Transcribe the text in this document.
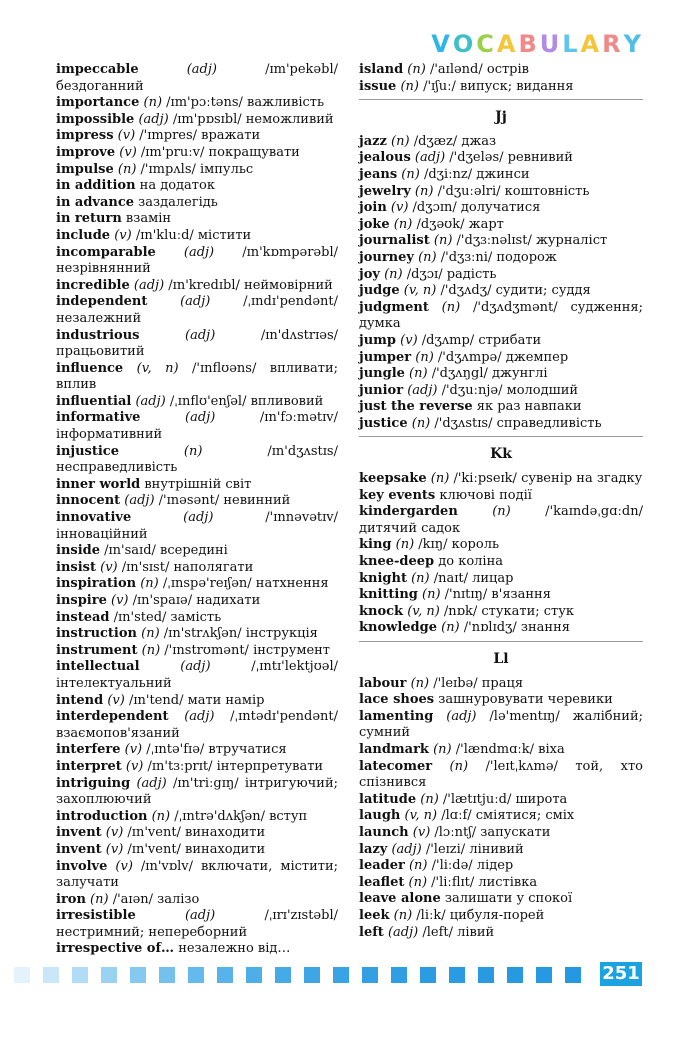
V O C A B U L A R Y

impeccable (adj) /ɪm'pekəbl/ бездоганний

importance (n) /ɪm'pɔːtəns/ важливість

impossible (adj) /ɪm'pɒsɪbl/ неможливий

impress (v) /'ɪmpres/ вражати

improve (v) /ɪm'pruːv/ покращувати

impulse (n) /'ɪmpʌls/ імпульс

in addition на додаток

in advance заздалегідь

in return взамін

include (v) /ɪn'kluːd/ містити

incomparable (adj) /ɪn'kɒmpərəbl/ незрівнянний

incredible (adj) /ɪn'kredɪbl/ неймовірний

independent (adj) /ˌɪndɪ'pendənt/ незалежний

industrious (adj) /ɪn'dʌstrɪəs/ працьовитий

influence (v, n) /'ɪnflʊəns/ впливати; вплив

influential (adj) /ˌɪnflʊ'enʃəl/ впливовий

informative (adj) /ɪn'fɔːmətɪv/ інформативний

injustice (n) /ɪn'dʒʌstɪs/ несправедливість

inner world внутрішній світ

innocent (adj) /'ɪnəsənt/ невинний

innovative (adj) /'ɪnnəvətɪv/ інноваційний

inside /ɪn'saɪd/ всередині

insist (v) /ɪn'sɪst/ наполягати

inspiration (n) /ˌɪnspə'reɪʃən/ натхнення

inspire (v) /ɪn'spaɪə/ надихати

instead /ɪn'sted/ замість

instruction (n) /ɪn'strʌkʃən/ інструкція

instrument (n) /'ɪnstrʊmənt/ інструмент

intellectual (adj) /ˌɪntɪ'lektjʊəl/ інтелектуальний

intend (v) /ɪn'tend/ мати намір

interdependent (adj) /ˌɪntədɪ'pendənt/ взаємопов'язаний

interfere (v) /ˌɪntə'fɪə/ втручатися

interpret (v) /ɪn'tɜːprɪt/ інтерпретувати

intriguing (adj) /ɪn'triːgɪŋ/ інтригуючий; захоплюючий

introduction (n) /ˌɪntrə'dʌkʃən/ вступ

invent (v) /ɪn'vent/ винаходити

invent (v) /ɪn'vent/ винаходити

involve (v) /ɪn'vɒlv/ включати, містити; залучати

iron (n) /'aɪən/ залізо

irresistible (adj) /ˌɪrɪ'zɪstəbl/ нестримний; непереборний

irrespective of… незалежно від…

island (n) /'aɪlənd/ острів

issue (n) /'ɪʃuː/ випуск; видання

Jj

jazz (n) /dʒæz/ джаз

jealous (adj) /'dʒeləs/ ревнивий

jeans (n) /dʒiːnz/ джинси

jewelry (n) /'dʒuːəlri/ коштовність

join (v) /dʒɔɪn/ долучатися

joke (n) /dʒəʊk/ жарт

journalist (n) /'dʒɜːnəlɪst/ журналіст

journey (n) /'dʒɜːni/ подорож

joy (n) /dʒɔɪ/ радість

judge (v, n) /'dʒʌdʒ/ судити; суддя

judgment (n) /'dʒʌdʒmənt/ судження; думка

jump (v) /dʒʌmp/ стрибати

jumper (n) /'dʒʌmpə/ джемпер

jungle (n) /'dʒʌŋgl/ джунглі

junior (adj) /'dʒuːnjə/ молодший

just the reverse як раз навпаки

justice (n) /'dʒʌstɪs/ справедливість

Kk

keepsake (n) /'kiːpseɪk/ сувенір на згадку

key events ключові події

kindergarden (n) /'kaɪndəˌgɑːdn/ дитячий садок

king (n) /kɪŋ/ король

knee-deep до коліна

knight (n) /naɪt/ лицар

knitting (n) /'nɪtɪŋ/ в'язання

knock (v, n) /nɒk/ стукати; стук

knowledge (n) /'nɒlɪdʒ/ знання

Ll

labour (n) /'leɪbə/ праця

lace shoes зашнуровувати черевики

lamenting (adj) /lə'mentɪŋ/ жалібний; сумний

landmark (n) /'lændmɑːk/ віха

latecomer (n) /'leɪtˌkʌmə/ той, хто спізнився

latitude (n) /'lætɪtjuːd/ широта

laugh (v, n) /lɑːf/ сміятися; сміх

launch (v) /lɔːntʃ/ запускати

lazy (adj) /'leɪzi/ лінивий

leader (n) /'liːdə/ лідер

leaflet (n) /'liːflɪt/ листівка

leave alone залишати у спокої

leek (n) /liːk/ цибуля-порей

left (adj) /left/ лівий

251
